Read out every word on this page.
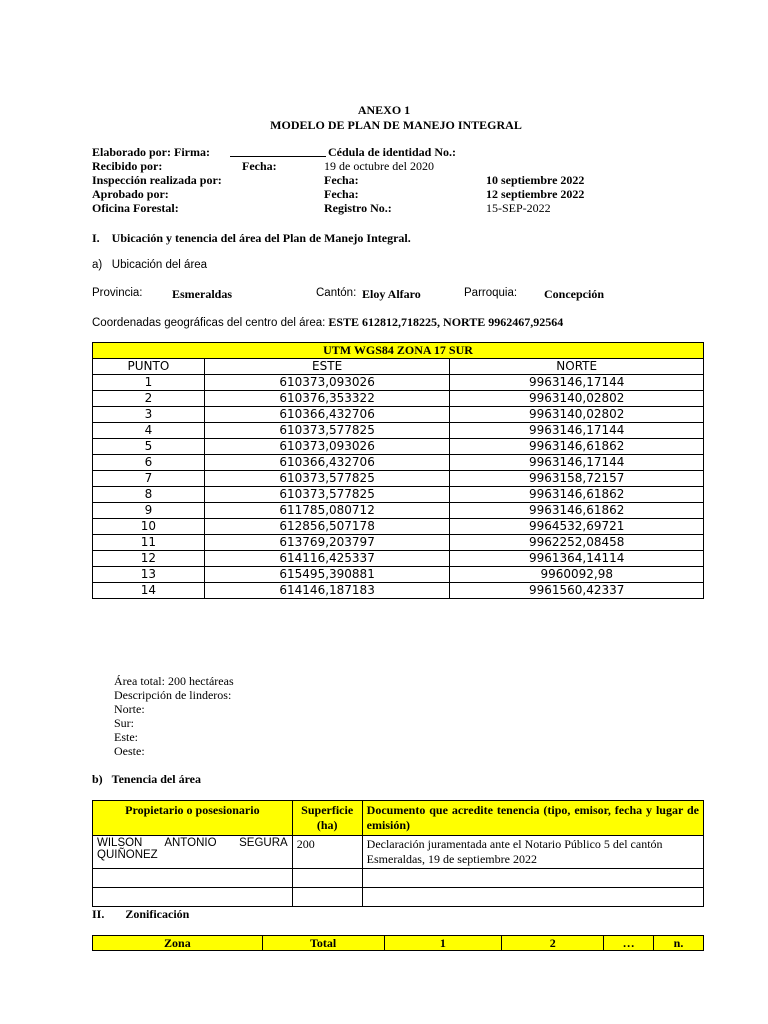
ANEXO 1
MODELO DE PLAN DE MANEJO INTEGRAL
Elaborado por: Firma:	Cédula de identidad No.:
Recibido por:	Fecha:	19 de octubre del 2020
Inspección realizada por:	Fecha:	10 septiembre 2022
Aprobado por:	Fecha:	12 septiembre 2022
Oficina Forestal:	Registro No.:	15-SEP-2022
I.    Ubicación y tenencia del área del Plan de Manejo Integral.
a)   Ubicación del área
Provincia: Esmeraldas	Cantón: Eloy Alfaro	Parroquia: Concepción
Coordenadas geográficas del centro del área: ESTE 612812,718225, NORTE 9962467,92564
UTM WGS84 ZONA 17 SUR		
PUNTO	ESTE	NORTE
1	610373,093026	9963146,17144
2	610376,353322	9963140,02802
3	610366,432706	9963140,02802
4	610373,577825	9963146,17144
5	610373,093026	9963146,61862
6	610366,432706	9963146,17144
7	610373,577825	9963158,72157
8	610373,577825	9963146,61862
9	611785,080712	9963146,61862
10	612856,507178	9964532,69721
11	613769,203797	9962252,08458
12	614116,425337	9961364,14114
13	615495,390881	9960092,98
14	614146,187183	9961560,42337
Área total: 200 hectáreas
Descripción de linderos:
Norte:
Sur:
Este:
Oeste:
b)   Tenencia del área
Propietario o posesionario	Superficie (ha)	Documento que acredite tenencia (tipo, emisor, fecha y lugar de emisión)
WILSON ANTONIO SEGURA QUIÑONEZ	200	Declaración juramentada ante el Notario Público 5 del cantón Esmeraldas, 19 de septiembre 2022

II.       Zonificación
Zona	Total	1	2	…	n.
